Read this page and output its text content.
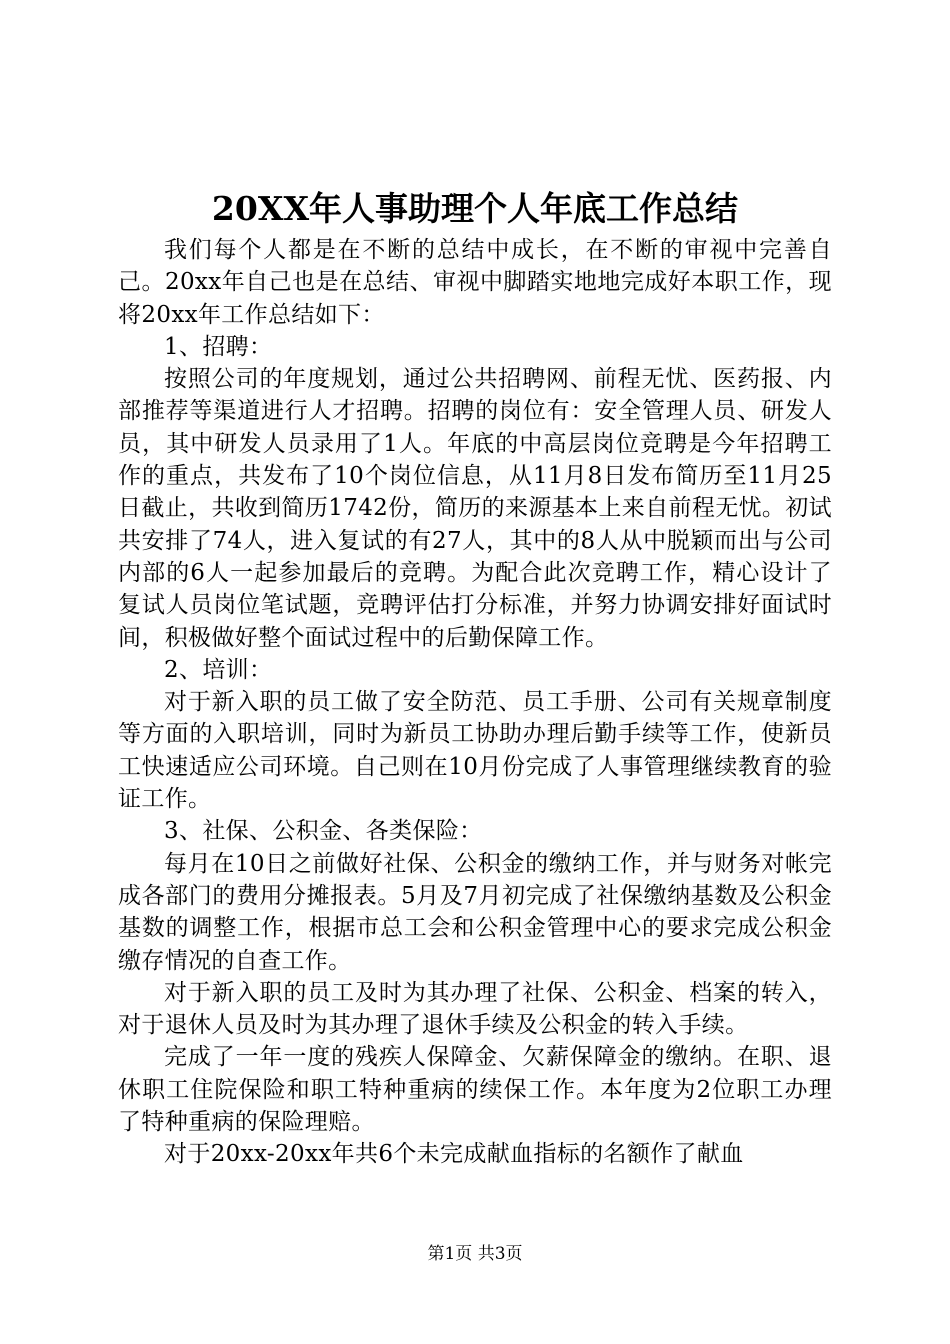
20XX年人事助理个人年底工作总结

我们每个人都是在不断的总结中成长，在不断的审视中完善自己。20xx年自己也是在总结、审视中脚踏实地地完成好本职工作，现将20xx年工作总结如下：

1、招聘：

按照公司的年度规划，通过公共招聘网、前程无忧、医药报、内部推荐等渠道进行人才招聘。招聘的岗位有：安全管理人员、研发人员，其中研发人员录用了1人。年底的中高层岗位竞聘是今年招聘工作的重点，共发布了10个岗位信息，从11月8日发布简历至11月25日截止，共收到简历1742份，简历的来源基本上来自前程无忧。初试共安排了74人，进入复试的有27人，其中的8人从中脱颖而出与公司内部的6人一起参加最后的竞聘。为配合此次竞聘工作，精心设计了复试人员岗位笔试题，竞聘评估打分标准，并努力协调安排好面试时间，积极做好整个面试过程中的后勤保障工作。

2、培训：

对于新入职的员工做了安全防范、员工手册、公司有关规章制度等方面的入职培训，同时为新员工协助办理后勤手续等工作，使新员工快速适应公司环境。自己则在10月份完成了人事管理继续教育的验证工作。

3、社保、公积金、各类保险：

每月在10日之前做好社保、公积金的缴纳工作，并与财务对帐完成各部门的费用分摊报表。5月及7月初完成了社保缴纳基数及公积金基数的调整工作，根据市总工会和公积金管理中心的要求完成公积金缴存情况的自查工作。

对于新入职的员工及时为其办理了社保、公积金、档案的转入，对于退休人员及时为其办理了退休手续及公积金的转入手续。

完成了一年一度的残疾人保障金、欠薪保障金的缴纳。在职、退休职工住院保险和职工特种重病的续保工作。本年度为2位职工办理了特种重病的保险理赔。

对于20xx-20xx年共6个未完成献血指标的名额作了献血

第1页 共3页
